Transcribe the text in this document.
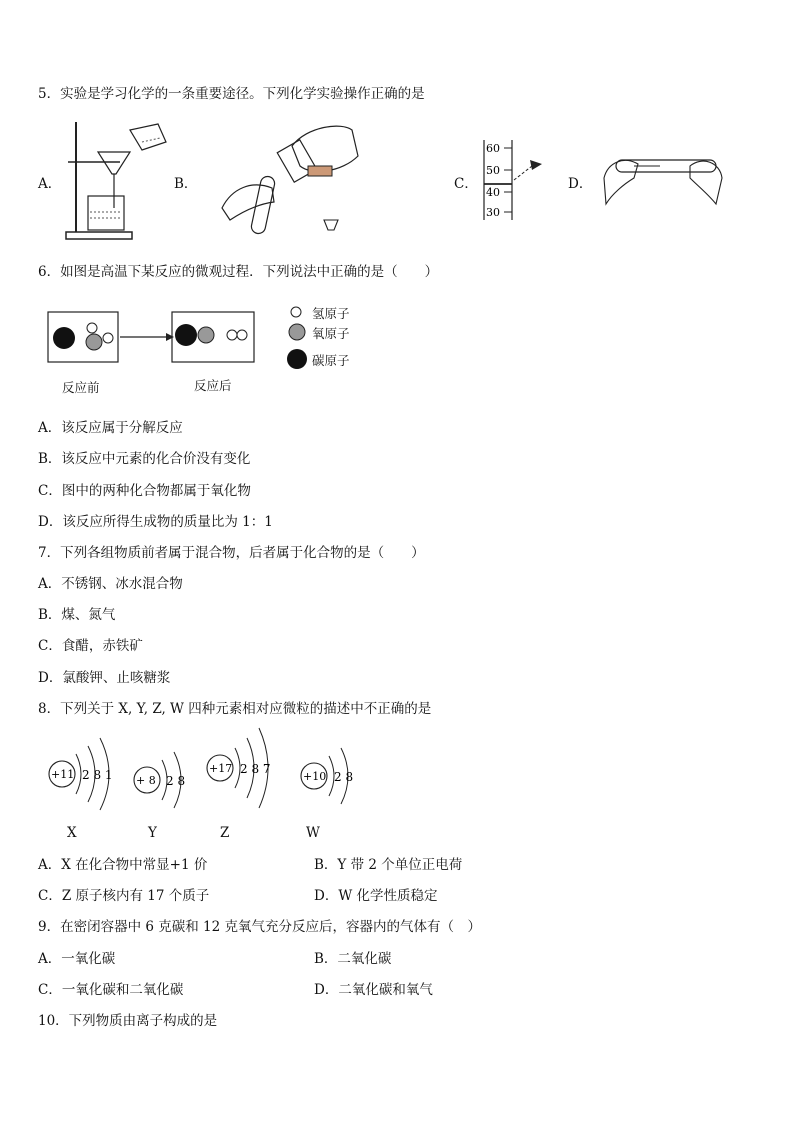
5．实验是学习化学的一条重要途径。下列化学实验操作正确的是
A．	B．	C．
60
50
40
30
D．
6．如图是高温下某反应的微观过程．下列说法中正确的是（　　）
反应前	反应后
氢原子
氧原子
碳原子
A．该反应属于分解反应
B．该反应中元素的化合价没有变化
C．图中的两种化合物都属于氧化物
D．该反应所得生成物的质量比为 1：1
7．下列各组物质前者属于混合物，后者属于化合物的是（　　）
A．不锈钢、冰水混合物
B．煤、氮气
C．食醋，赤铁矿
D．氯酸钾、止咳糖浆
8．下列关于 X, Y, Z, W 四种元素相对应微粒的描述中不正确的是
+11 2 8 1 + 8 2 8
+17 2 8 7
+10 2 8
X	Y	Z	W
A．X 在化合物中常显+1 价	B．Y 带 2 个单位正电荷
C．Z 原子核内有 17 个质子	D．W 化学性质稳定
9．在密闭容器中 6 克碳和 12 克氧气充分反应后，容器内的气体有（　）
A．一氧化碳	B．二氧化碳
C．一氧化碳和二氧化碳	D．二氧化碳和氧气
10．下列物质由离子构成的是
